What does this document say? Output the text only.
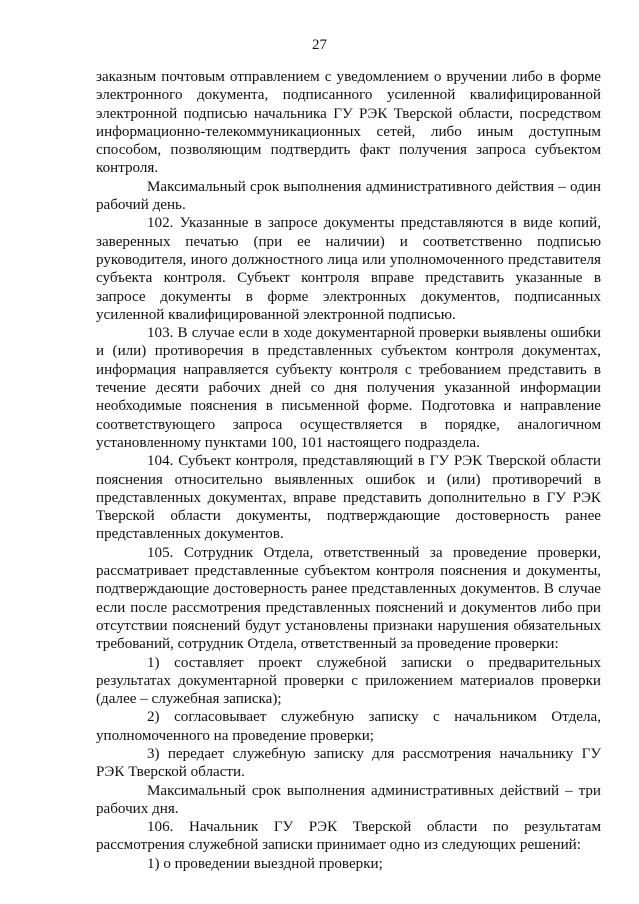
27

заказным почтовым отправлением с уведомлением о вручении либо в форме электронного документа, подписанного усиленной квалифицированной электронной подписью начальника ГУ РЭК Тверской области, посредством информационно-телекоммуникационных сетей, либо иным доступным способом, позволяющим подтвердить факт получения запроса субъектом контроля.

Максимальный срок выполнения административного действия – один рабочий день.

102. Указанные в запросе документы представляются в виде копий, заверенных печатью (при ее наличии) и соответственно подписью руководителя, иного должностного лица или уполномоченного представителя субъекта контроля. Субъект контроля вправе представить указанные в запросе документы в форме электронных документов, подписанных усиленной квалифицированной электронной подписью.

103. В случае если в ходе документарной проверки выявлены ошибки и (или) противоречия в представленных субъектом контроля документах, информация направляется субъекту контроля с требованием представить в течение десяти рабочих дней со дня получения указанной информации необходимые пояснения в письменной форме. Подготовка и направление соответствующего запроса осуществляется в порядке, аналогичном установленному пунктами 100, 101 настоящего подраздела.

104. Субъект контроля, представляющий в ГУ РЭК Тверской области пояснения относительно выявленных ошибок и (или) противоречий в представленных документах, вправе представить дополнительно в ГУ РЭК Тверской области документы, подтверждающие достоверность ранее представленных документов.

105. Сотрудник Отдела, ответственный за проведение проверки, рассматривает представленные субъектом контроля пояснения и документы, подтверждающие достоверность ранее представленных документов. В случае если после рассмотрения представленных пояснений и документов либо при отсутствии пояснений будут установлены признаки нарушения обязательных требований, сотрудник Отдела, ответственный за проведение проверки:

1) составляет проект служебной записки о предварительных результатах документарной проверки с приложением материалов проверки (далее – служебная записка);

2) согласовывает служебную записку с начальником Отдела, уполномоченного на проведение проверки;

3) передает служебную записку для рассмотрения начальнику ГУ РЭК Тверской области.

Максимальный срок выполнения административных действий – три рабочих дня.

106. Начальник ГУ РЭК Тверской области по результатам рассмотрения служебной записки принимает одно из следующих решений:

1) о проведении выездной проверки;
